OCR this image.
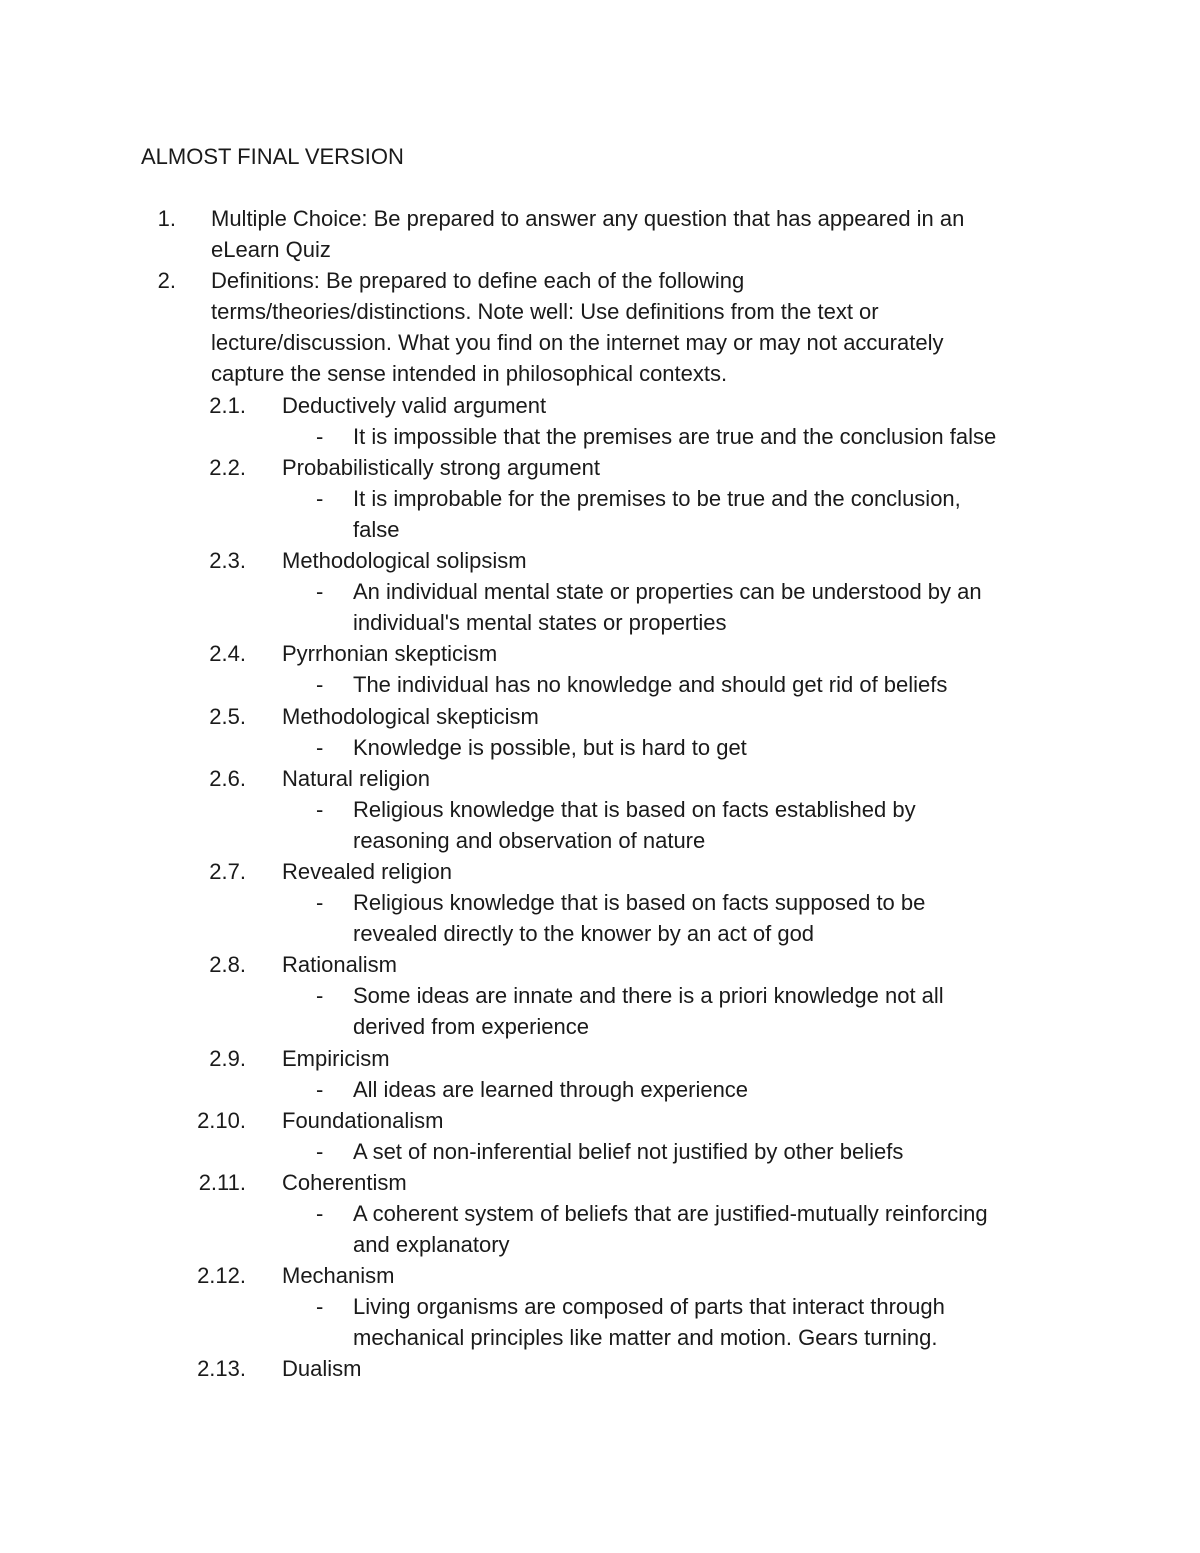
ALMOST FINAL VERSION
1. Multiple Choice: Be prepared to answer any question that has appeared in an
eLearn Quiz
2. Definitions: Be prepared to define each of the following
terms/theories/distinctions. Note well: Use definitions from the text or
lecture/discussion. What you find on the internet may or may not accurately
capture the sense intended in philosophical contexts.
2.1. Deductively valid argument
- It is impossible that the premises are true and the conclusion false
2.2. Probabilistically strong argument
- It is improbable for the premises to be true and the conclusion,
false
2.3. Methodological solipsism
- An individual mental state or properties can be understood by an
individual's mental states or properties
2.4. Pyrrhonian skepticism
- The individual has no knowledge and should get rid of beliefs
2.5. Methodological skepticism
- Knowledge is possible, but is hard to get
2.6. Natural religion
- Religious knowledge that is based on facts established by
reasoning and observation of nature
2.7. Revealed religion
- Religious knowledge that is based on facts supposed to be
revealed directly to the knower by an act of god
2.8. Rationalism
- Some ideas are innate and there is a priori knowledge not all
derived from experience
2.9. Empiricism
- All ideas are learned through experience
2.10. Foundationalism
- A set of non-inferential belief not justified by other beliefs
2.11. Coherentism
- A coherent system of beliefs that are justified-mutually reinforcing
and explanatory
2.12. Mechanism
- Living organisms are composed of parts that interact through
mechanical principles like matter and motion. Gears turning.
2.13. Dualism
